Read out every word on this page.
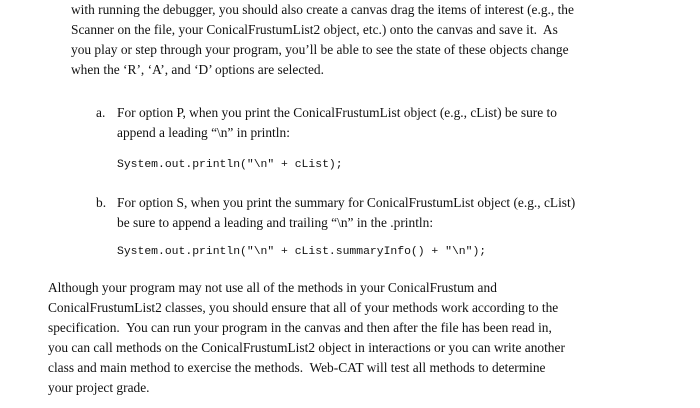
with running the debugger, you should also create a canvas drag the items of interest (e.g., the
Scanner on the file, your ConicalFrustumList2 object, etc.) onto the canvas and save it.  As
you play or step through your program, you’ll be able to see the state of these objects change
when the ‘R’, ‘A’, and ‘D’ options are selected.

a. For option P, when you print the ConicalFrustumList object (e.g., cList) be sure to
append a leading “\n” in println:
System.out.println("\n" + cList);
b. For option S, when you print the summary for ConicalFrustumList object (e.g., cList)
be sure to append a leading and trailing “\n” in the .println:
System.out.println("\n" + cList.summaryInfo() + "\n");

Although your program may not use all of the methods in your ConicalFrustum and
ConicalFrustumList2 classes, you should ensure that all of your methods work according to the
specification.  You can run your program in the canvas and then after the file has been read in,
you can call methods on the ConicalFrustumList2 object in interactions or you can write another
class and main method to exercise the methods.  Web-CAT will test all methods to determine
your project grade.
